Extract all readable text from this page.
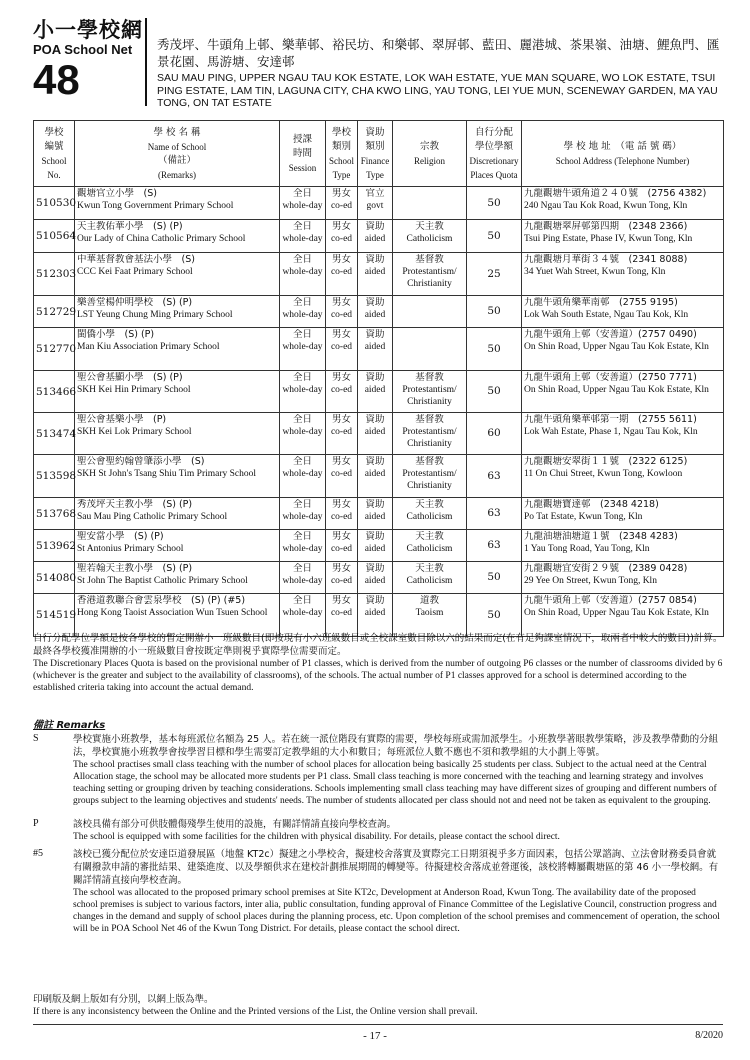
小一學校網
POA School Net
48
秀茂坪、牛頭角上邨、樂華邨、裕民坊、和樂邨、翠屏邨、藍田、麗港城、茶果嶺、油塘、鯉魚門、匯景花園、馬游塘、安達邨
SAU MAU PING, UPPER NGAU TAU KOK ESTATE, LOK WAH ESTATE, YUE MAN SQUARE, WO LOK ESTATE, TSUI PING ESTATE, LAM TIN, LAGUNA CITY, CHA KWO LING, YAU TONG, LEI YUE MUN, SCENEWAY GARDEN, MA YAU TONG, ON TAT ESTATE
學校
編號
School
No.	學 校 名 稱
Name of School
（備註）
(Remarks)	授課
時間
Session	學校
類別
School
Type	資助
類別
Finance
Type	宗教
Religion	自行分配
學位學額
Discretionary
Places Quota	學 校 地 址　（電 話 號 碼）
School Address (Telephone Number)

510530	觀塘官立小學　(S)
Kwun Tong Government Primary School	全日
whole-day	男女
co-ed	官立
govt		50	九龍觀塘牛頭角道２４０號　(2756 4382)
240 Ngau Tau Kok Road, Kwun Tong, Kln

510564	天主教佑華小學　(S) (P)
Our Lady of China Catholic Primary School	全日
whole-day	男女
co-ed	資助
aided	天主教
Catholicism	50	九龍觀塘翠屏邨第四期　(2348 2366)
Tsui Ping Estate, Phase IV, Kwun Tong, Kln

512303	中華基督教會基法小學　(S)
CCC Kei Faat Primary School	全日
whole-day	男女
co-ed	資助
aided	基督教
Protestantism/ Christianity	25	九龍觀塘月華街３４號　(2341 8088)
34 Yuet Wah Street, Kwun Tong, Kln

512729	樂善堂楊仲明學校　(S) (P)
LST Yeung Chung Ming Primary School	全日
whole-day	男女
co-ed	資助
aided		50	九龍牛頭角樂華南邨　(2755 9195)
Lok Wah South Estate, Ngau Tau Kok, Kln

512770	閩僑小學　(S) (P)
Man Kiu Association Primary School	全日
whole-day	男女
co-ed	資助
aided		50	九龍牛頭角上邨（安善道）(2757 0490)
On Shin Road, Upper Ngau Tau Kok Estate, Kln

513466	聖公會基顯小學　(S) (P)
SKH Kei Hin Primary School	全日
whole-day	男女
co-ed	資助
aided	基督教
Protestantism/ Christianity	50	九龍牛頭角上邨（安善道）(2750 7771)
On Shin Road, Upper Ngau Tau Kok Estate, Kln

513474	聖公會基樂小學　(P)
SKH Kei Lok Primary School	全日
whole-day	男女
co-ed	資助
aided	基督教
Protestantism/ Christianity	60	九龍牛頭角樂華邨第一期　(2755 5611)
Lok Wah Estate, Phase 1, Ngau Tau Kok, Kln

513598	聖公會聖約翰曾肇添小學　(S)
SKH St John's Tsang Shiu Tim Primary School	全日
whole-day	男女
co-ed	資助
aided	基督教
Protestantism/ Christianity	63	九龍觀塘安翠街１１號　(2322 6125)
11 On Chui Street, Kwun Tong, Kowloon

513768	秀茂坪天主教小學　(S) (P)
Sau Mau Ping Catholic Primary School	全日
whole-day	男女
co-ed	資助
aided	天主教
Catholicism	63	九龍觀塘寶達邨　(2348 4218)
Po Tat Estate, Kwun Tong, Kln

513962	聖安當小學　(S) (P)
St Antonius Primary School	全日
whole-day	男女
co-ed	資助
aided	天主教
Catholicism	63	九龍油塘油塘道１號　(2348 4283)
1 Yau Tong Road, Yau Tong, Kln

514080	聖若翰天主教小學　(S) (P)
St John The Baptist Catholic Primary School	全日
whole-day	男女
co-ed	資助
aided	天主教
Catholicism	50	九龍觀塘宜安街２９號　(2389 0428)
29 Yee On Street, Kwun Tong, Kln

514519	香港道教聯合會雲泉學校　(S) (P) (#5)
Hong Kong Taoist Association Wun Tsuen School	全日
whole-day	男女
co-ed	資助
aided	道教
Taoism	50	九龍牛頭角上邨（安善道）(2757 0854)
On Shin Road, Upper Ngau Tau Kok Estate, Kln
自行分配學位學額是按各學校的暫定開辦小一班級數目(即按現有小六班級數目或全校課室數目除以六的結果而定(在有足夠課室情況下，取兩者中較大的數目))計算。最終各學校獲准開辦的小一班級數目會按既定準則視乎實際學位需要而定。
The Discretionary Places Quota is based on the provisional number of P1 classes, which is derived from the number of outgoing P6 classes or the number of classrooms divided by 6 (whichever is the greater and subject to the availability of classrooms), of the schools. The actual number of P1 classes approved for a school is determined according to the established criteria taking into account the actual demand.
備註 Remarks
S	學校實施小班教學，基本每班派位名額為 25 人。若在統一派位階段有實際的需要，學校每班或需加派學生。小班教學著眼教學策略，涉及教學帶動的分組法，學校實施小班教學會按學習目標和學生需要訂定教學組的大小和數目；每班派位人數不應也不須和教學組的大小劃上等號。
The school practises small class teaching with the number of school places for allocation being basically 25 students per class. Subject to the actual need at the Central Allocation stage, the school may be allocated more students per P1 class. Small class teaching is more concerned with the teaching and learning strategy and involves teaching setting or grouping driven by teaching considerations. Schools implementing small class teaching may have different sizes of grouping and different numbers of groups subject to the learning objectives and students' needs. The number of students allocated per class should not and need not be taken as equivalent to the grouping.
P	該校具備有部分可供肢體傷殘學生使用的設施，有關詳情請直接向學校查詢。
The school is equipped with some facilities for the children with physical disability. For details, please contact the school direct.
#5	該校已獲分配位於安達臣道發展區（地盤 KT2c）擬建之小學校舍，擬建校舍落實及實際完工日期須視乎多方面因素，包括公眾諮詢、立法會財務委員會就有關撥款申請的審批結果、建築進度、以及學額供求在建校計劃推展期間的轉變等。待擬建校舍落成並營運後，該校將轉屬觀塘區的第 46 小一學校網。有關詳情請直接向學校查詢。
The school was allocated to the proposed primary school premises at Site KT2c, Development at Anderson Road, Kwun Tong. The availability date of the proposed school premises is subject to various factors, inter alia, public consultation, funding approval of Finance Committee of the Legislative Council, construction progress and changes in the demand and supply of school places during the planning process, etc. Upon completion of the school premises and commencement of operation, the school will be in POA School Net 46 of the Kwun Tong District. For details, please contact the school direct.
印刷版及網上版如有分別，以網上版為準。
If there is any inconsistency between the Online and the Printed versions of the List, the Online version shall prevail.
- 17 -	8/2020
